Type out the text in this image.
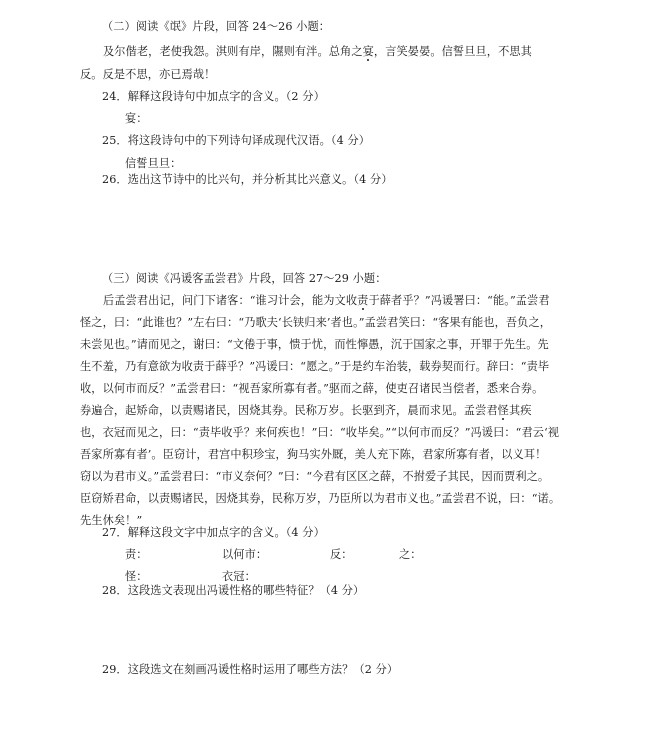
（二）阅读《氓》片段，回答 24～26 小题：
及尔偕老，老使我怨。淇则有岸，隰则有泮。总角之宴，言笑晏晏。信誓旦旦，不思其
反。反是不思，亦已焉哉！
24．解释这段诗句中加点字的含义。（2 分）
宴：
25．将这段诗句中的下列诗句译成现代汉语。（4 分）
信誓旦旦：
26．选出这节诗中的比兴句，并分析其比兴意义。（4 分）
（三）阅读《冯谖客孟尝君》片段，回答 27～29 小题：
后孟尝君出记，问门下诸客：“谁习计会，能为文收责于薛者乎？”冯谖署曰：“能。”孟尝君
怪之，曰：“此谁也？”左右曰：“乃歌夫‘长铗归来’者也。”孟尝君笑曰：“客果有能也，吾负之，
未尝见也。”请而见之，谢曰：“文倦于事，愦于忧，而性懧愚，沉于国家之事，开罪于先生。先
生不羞，乃有意欲为收责于薛乎？”冯谖曰：“愿之。”于是约车治装，载券契而行。辞曰：“责毕
收，以何市而反？”孟尝君曰：“视吾家所寡有者。”驱而之薛，使吏召诸民当偿者，悉来合券。
券遍合，起矫命，以责赐诸民，因烧其券。民称万岁。长驱到齐，晨而求见。孟尝君怪其疾
也，衣冠而见之，曰：“责毕收乎？来何疾也！”曰：“收毕矣。”“以何市而反？”冯谖曰：“君云‘视
吾家所寡有者’。臣窃计，君宫中积珍宝，狗马实外厩，美人充下陈，君家所寡有者，以义耳！
窃以为君市义。”孟尝君曰：“市义奈何？”曰：“今君有区区之薛，不拊爱子其民，因而贾利之。
臣窃矫君命，以责赐诸民，因烧其券，民称万岁，乃臣所以为君市义也。”孟尝君不说，曰：“诺。
先生休矣！”
27．解释这段文字中加点字的含义。（4 分）
责：	以何市：	反：	之：
怪：	衣冠：
28．这段选文表现出冯谖性格的哪些特征？（4 分）
29．这段选文在刻画冯谖性格时运用了哪些方法？（2 分）
